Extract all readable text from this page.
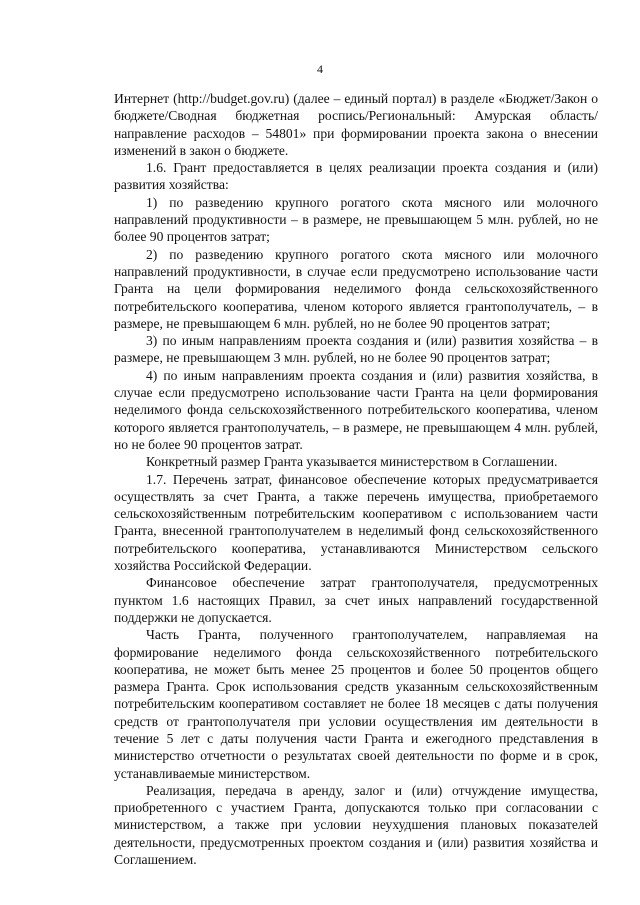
4

Интернет (http://budget.gov.ru) (далее – единый портал) в разделе «Бюджет/Закон о бюджете/Сводная бюджетная роспись/Региональный: Амурская область/направление расходов – 54801» при формировании проекта закона о внесении изменений в закон о бюджете.

1.6. Грант предоставляется в целях реализации проекта создания и (или) развития хозяйства:

1) по разведению крупного рогатого скота мясного или молочного направлений продуктивности – в размере, не превышающем 5 млн. рублей, но не более 90 процентов затрат;

2) по разведению крупного рогатого скота мясного или молочного направлений продуктивности, в случае если предусмотрено использование части Гранта на цели формирования неделимого фонда сельскохозяйственного потребительского кооператива, членом которого является грантополучатель, – в размере, не превышающем 6 млн. рублей, но не более 90 процентов затрат;

3) по иным направлениям проекта создания и (или) развития хозяйства – в размере, не превышающем 3 млн. рублей, но не более 90 процентов затрат;

4) по иным направлениям проекта создания и (или) развития хозяйства, в случае если предусмотрено использование части Гранта на цели формирования неделимого фонда сельскохозяйственного потребительского кооператива, членом которого является грантополучатель, – в размере, не превышающем 4 млн. рублей, но не более 90 процентов затрат.

Конкретный размер Гранта указывается министерством в Соглашении.

1.7. Перечень затрат, финансовое обеспечение которых предусматривается осуществлять за счет Гранта, а также перечень имущества, приобретаемого сельскохозяйственным потребительским кооперативом с использованием части Гранта, внесенной грантополучателем в неделимый фонд сельскохозяйственного потребительского кооператива, устанавливаются Министерством сельского хозяйства Российской Федерации.

Финансовое обеспечение затрат грантополучателя, предусмотренных пунктом 1.6 настоящих Правил, за счет иных направлений государственной поддержки не допускается.

Часть Гранта, полученного грантополучателем, направляемая на формирование неделимого фонда сельскохозяйственного потребительского кооператива, не может быть менее 25 процентов и более 50 процентов общего размера Гранта. Срок использования средств указанным сельскохозяйственным потребительским кооперативом составляет не более 18 месяцев с даты получения средств от грантополучателя при условии осуществления им деятельности в течение 5 лет с даты получения части Гранта и ежегодного представления в министерство отчетности о результатах своей деятельности по форме и в срок, устанавливаемые министерством.

Реализация, передача в аренду, залог и (или) отчуждение имущества, приобретенного с участием Гранта, допускаются только при согласовании с министерством, а также при условии неухудшения плановых показателей деятельности, предусмотренных проектом создания и (или) развития хозяйства и Соглашением.
